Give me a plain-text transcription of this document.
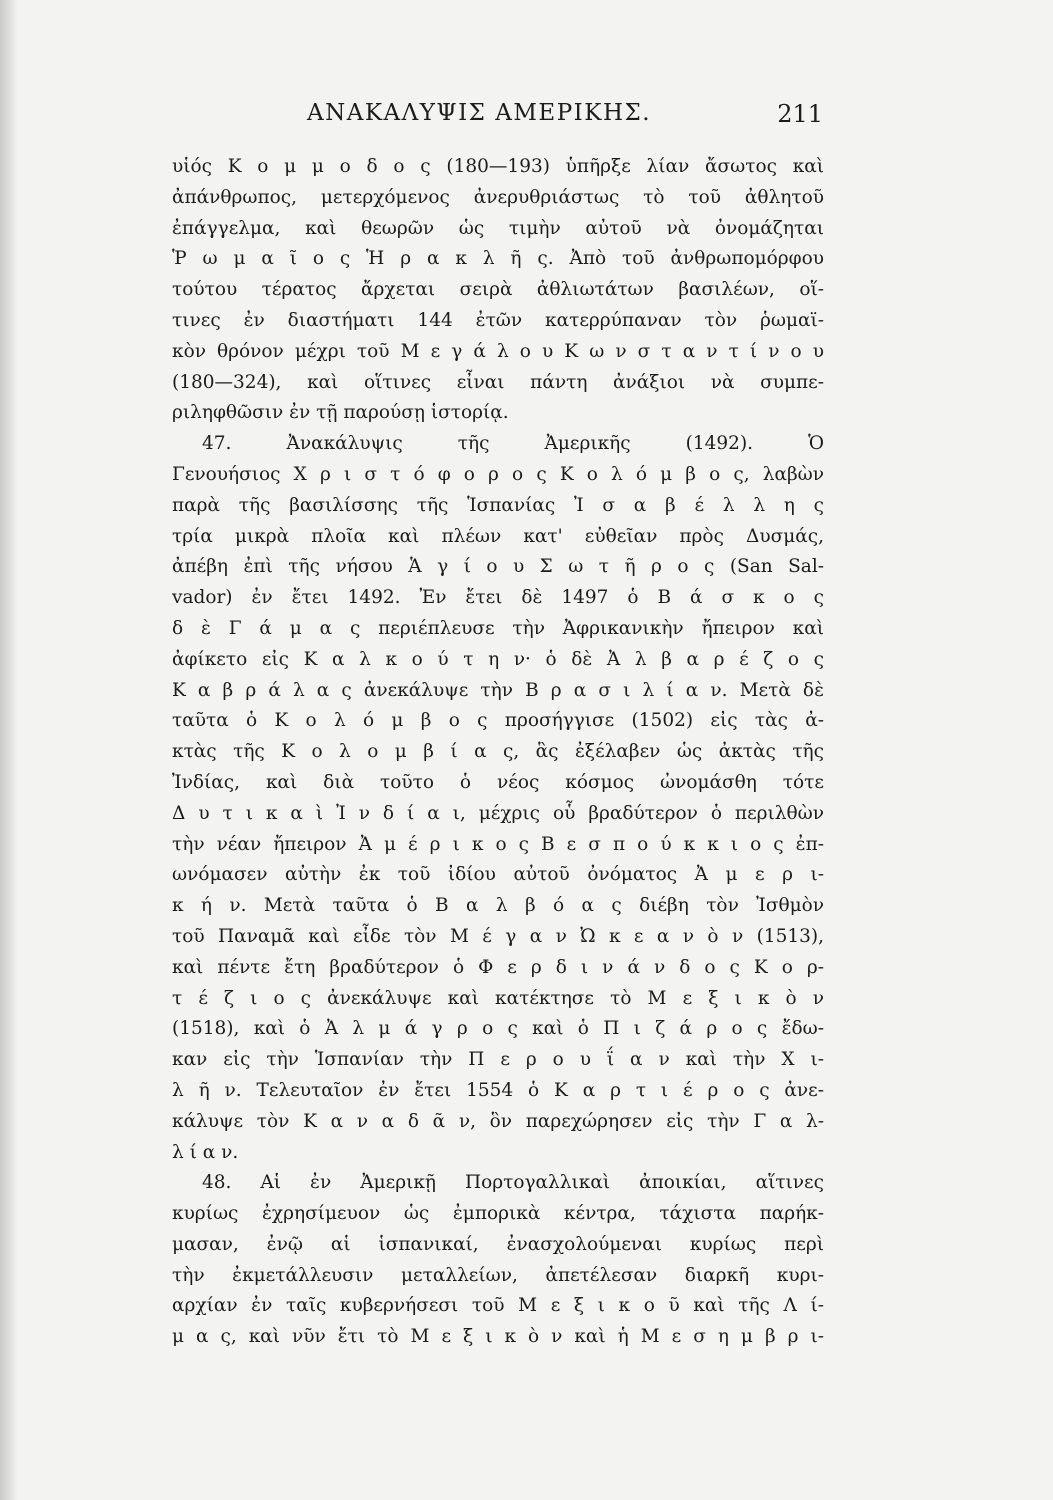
ΑΝΑΚΑΛΥΨΙΣ ΑΜΕΡΙΚΗΣ.	211
υἱός Κ ο μ μ ο δ ο ς (180—193) ὑπῆρξε λίαν ἄσωτος καὶ
ἀπάνθρωπος, μετερχόμενος ἀνερυθριάστως τὸ τοῦ ἀθλητοῦ
ἐπάγγελμα, καὶ θεωρῶν ὡς τιμὴν αὐτοῦ νὰ ὀνομάζηται
Ῥ ω μ α ῖ ο ς Ἡ ρ α κ λ ῆ ς. Ἀπὸ τοῦ ἀνθρωπομόρφου
τούτου τέρατος ἄρχεται σειρὰ ἀθλιωτάτων βασιλέων, οἵ-
τινες ἐν διαστήματι 144 ἐτῶν κατερρύπαναν τὸν ῥωμαϊ-
κὸν θρόνον μέχρι τοῦ Μ ε γ ά λ ο υ Κ ω ν σ τ α ν τ ί ν ο υ
(180—324), καὶ οἵτινες εἶναι πάντη ἀνάξιοι νὰ συμπε-
ριληφθῶσιν ἐν τῇ παρούσῃ ἱστορίᾳ.
47. Ἀνακάλυψις τῆς Ἀμερικῆς (1492). Ὁ
Γενουήσιος Χ ρ ι σ τ ό φ ο ρ ο ς Κ ο λ ό μ β ο ς, λαβὼν
παρὰ τῆς βασιλίσσης τῆς Ἱσπανίας Ἰ σ α β έ λ λ η ς
τρία μικρὰ πλοῖα καὶ πλέων κατ' εὐθεῖαν πρὸς Δυσμάς,
ἀπέβη ἐπὶ τῆς νήσου Ἁ γ ί ο υ Σ ω τ ῆ ρ ο ς (San Sal-
vador) ἐν ἔτει 1492. Ἐν ἔτει δὲ 1497 ὁ Β ά σ κ ο ς
δ ὲ Γ ά μ α ς περιέπλευσε τὴν Ἀφρικανικὴν ἤπειρον καὶ
ἀφίκετο εἰς Κ α λ κ ο ύ τ η ν· ὁ δὲ Ἀ λ β α ρ έ ζ ο ς
Κ α β ρ ά λ α ς ἀνεκάλυψε τὴν Β ρ α σ ι λ ί α ν. Μετὰ δὲ
ταῦτα ὁ Κ ο λ ό μ β ο ς προσήγγισε (1502) εἰς τὰς ἀ-
κτὰς τῆς Κ ο λ ο μ β ί α ς, ἃς ἐξέλαβεν ὡς ἀκτὰς τῆς
Ἰνδίας, καὶ διὰ τοῦτο ὁ νέος κόσμος ὠνομάσθη τότε
Δ υ τ ι κ α ὶ Ἰ ν δ ί α ι, μέχρις οὗ βραδύτερον ὁ περιλθὼν
τὴν νέαν ἤπειρον Ἀ μ έ ρ ι κ ο ς Β ε σ π ο ύ κ κ ι ο ς ἐπ-
ωνόμασεν αὐτὴν ἐκ τοῦ ἰδίου αὐτοῦ ὀνόματος Ἀ μ ε ρ ι-
κ ή ν. Μετὰ ταῦτα ὁ Β α λ β ό α ς διέβη τὸν Ἰσθμὸν
τοῦ Παναμᾶ καὶ εἶδε τὸν Μ έ γ α ν Ὠ κ ε α ν ὸ ν (1513),
καὶ πέντε ἔτη βραδύτερον ὁ Φ ε ρ δ ι ν ά ν δ ο ς Κ ο ρ-
τ έ ζ ι ο ς ἀνεκάλυψε καὶ κατέκτησε τὸ Μ ε ξ ι κ ὸ ν
(1518), καὶ ὁ Ἀ λ μ ά γ ρ ο ς καὶ ὁ Π ι ζ ά ρ ο ς ἔδω-
καν εἰς τὴν Ἱσπανίαν τὴν Π ε ρ ο υ ΐ α ν καὶ τὴν Χ ι-
λ ῆ ν. Τελευταῖον ἐν ἔτει 1554 ὁ Κ α ρ τ ι έ ρ ο ς ἀνε-
κάλυψε τὸν Κ α ν α δ ᾶ ν, ὃν παρεχώρησεν εἰς τὴν Γ α λ-
λ ί α ν.
48. Αἱ ἐν Ἀμερικῇ Πορτογαλλικαὶ ἀποικίαι, αἵτινες
κυρίως ἐχρησίμευον ὡς ἐμπορικὰ κέντρα, τάχιστα παρήκ-
μασαν, ἐνῷ αἱ ἱσπανικαί, ἐνασχολούμεναι κυρίως περὶ
τὴν ἐκμετάλλευσιν μεταλλείων, ἀπετέλεσαν διαρκῆ κυρι-
αρχίαν ἐν ταῖς κυβερνήσεσι τοῦ Μ ε ξ ι κ ο ῦ καὶ τῆς Λ ί-
μ α ς, καὶ νῦν ἔτι τὸ Μ ε ξ ι κ ὸ ν καὶ ἡ Μ ε σ η μ β ρ ι-
